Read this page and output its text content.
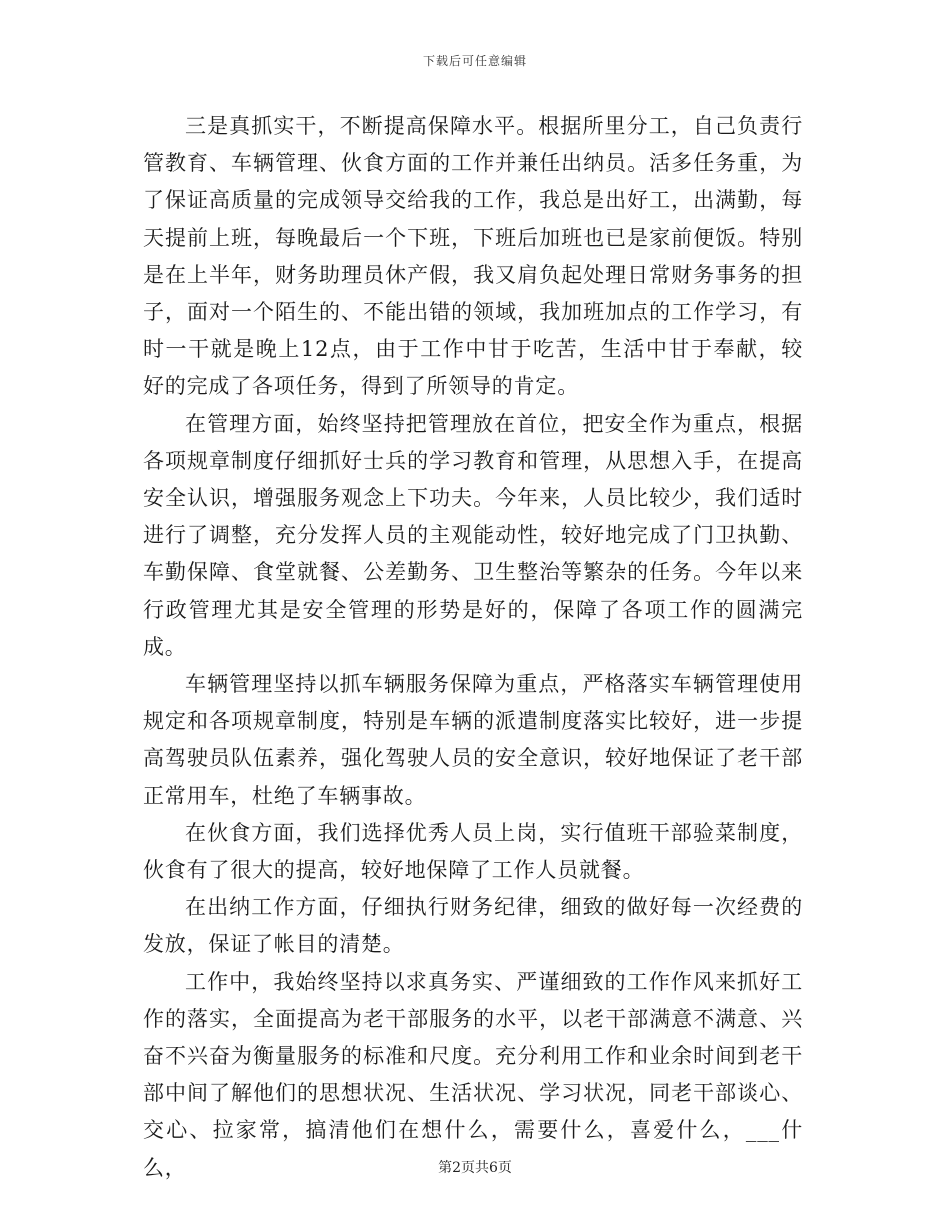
下载后可任意编辑

三是真抓实干，不断提高保障水平。根据所里分工，自己负责行管教育、车辆管理、伙食方面的工作并兼任出纳员。活多任务重，为了保证高质量的完成领导交给我的工作，我总是出好工，出满勤，每天提前上班，每晚最后一个下班，下班后加班也已是家前便饭。特别是在上半年，财务助理员休产假，我又肩负起处理日常财务事务的担子，面对一个陌生的、不能出错的领域，我加班加点的工作学习，有时一干就是晚上12点，由于工作中甘于吃苦，生活中甘于奉献，较好的完成了各项任务，得到了所领导的肯定。

在管理方面，始终坚持把管理放在首位，把安全作为重点，根据各项规章制度仔细抓好士兵的学习教育和管理，从思想入手，在提高安全认识，增强服务观念上下功夫。今年来，人员比较少，我们适时进行了调整，充分发挥人员的主观能动性，较好地完成了门卫执勤、车勤保障、食堂就餐、公差勤务、卫生整治等繁杂的任务。今年以来行政管理尤其是安全管理的形势是好的，保障了各项工作的圆满完成。

车辆管理坚持以抓车辆服务保障为重点，严格落实车辆管理使用规定和各项规章制度，特别是车辆的派遣制度落实比较好，进一步提高驾驶员队伍素养，强化驾驶人员的安全意识，较好地保证了老干部正常用车，杜绝了车辆事故。

在伙食方面，我们选择优秀人员上岗，实行值班干部验菜制度，伙食有了很大的提高，较好地保障了工作人员就餐。

在出纳工作方面，仔细执行财务纪律，细致的做好每一次经费的发放，保证了帐目的清楚。

工作中，我始终坚持以求真务实、严谨细致的工作作风来抓好工作的落实，全面提高为老干部服务的水平，以老干部满意不满意、兴奋不兴奋为衡量服务的标准和尺度。充分利用工作和业余时间到老干部中间了解他们的思想状况、生活状况、学习状况，同老干部谈心、交心、拉家常，搞清他们在想什么，需要什么，喜爱什么，___什么，	第2页共6页
